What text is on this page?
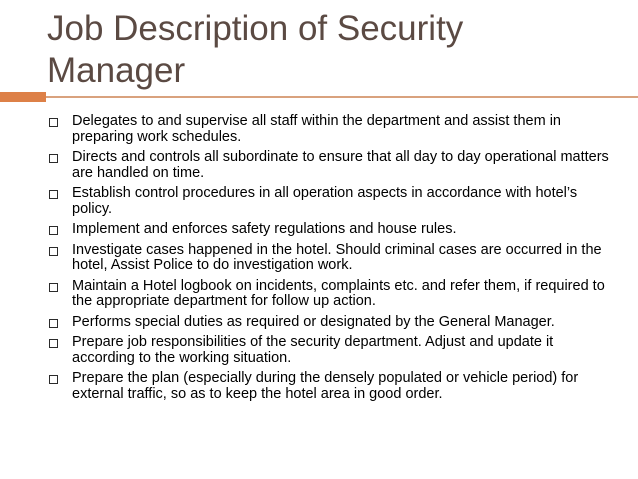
Job Description of Security Manager
Delegates to and supervise all staff within the department and assist them in preparing work schedules.
Directs and controls all subordinate to ensure that all day to day operational matters are handled on time.
Establish control procedures in all operation aspects in accordance with hotel’s policy.
Implement and enforces safety regulations and house rules.
Investigate cases happened in the hotel. Should criminal cases are occurred in the hotel, Assist Police to do investigation work.
Maintain a Hotel logbook on incidents, complaints etc. and refer them, if required to the appropriate department for follow up action.
Performs special duties as required or designated by the General Manager.
Prepare job responsibilities of the security department. Adjust and update it according to the working situation.
Prepare the plan (especially during the densely populated or vehicle period) for external traffic, so as to keep the hotel area in good order.
